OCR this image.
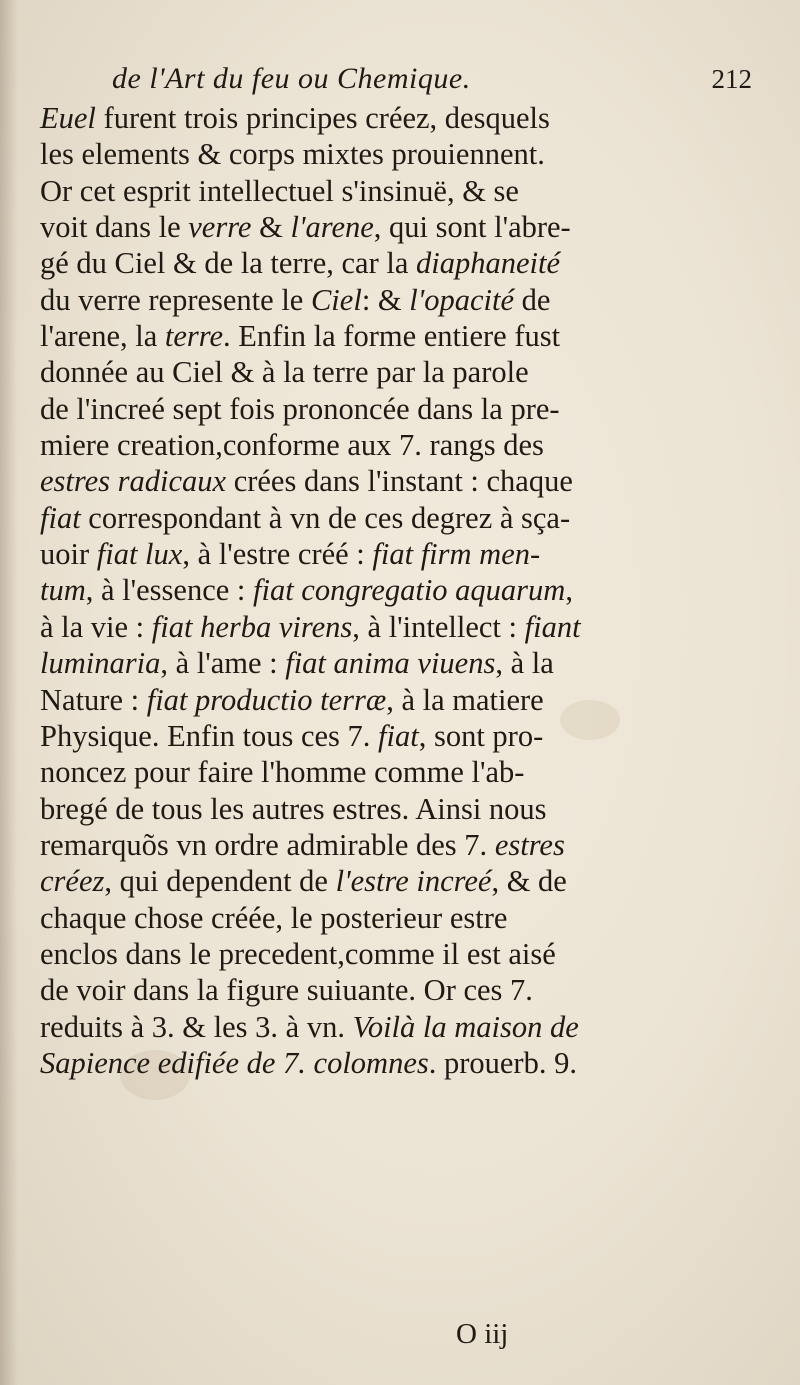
de l'Art du feu ou Chemique.	212
Euel furent trois principes créez, desquels
les elements & corps mixtes prouiennent.
Or cet esprit intellectuel s'insinuë, & se
voit dans le verre & l'arene, qui sont l'abre-
gé du Ciel & de la terre, car la diaphaneité
du verre represente le Ciel: & l'opacité de
l'arene, la terre. Enfin la forme entiere fust
donnée au Ciel & à la terre par la parole
de l'increé sept fois prononcée dans la pre-
miere creation,conforme aux 7. rangs des
estres radicaux crées dans l'instant : chaque
fiat correspondant à vn de ces degrez à sça-
uoir fiat lux, à l'estre créé : fiat firm men-
tum, à l'essence : fiat congregatio aquarum,
à la vie : fiat herba virens, à l'intellect : fiant
luminaria, à l'ame : fiat anima viuens, à la
Nature : fiat productio terræ, à la matiere
Physique. Enfin tous ces 7. fiat, sont pro-
noncez pour faire l'homme comme l'ab-
bregé de tous les autres estres. Ainsi nous
remarquõs vn ordre admirable des 7. estres
créez, qui dependent de l'estre increé, & de
chaque chose créée, le posterieur estre
enclos dans le precedent,comme il est aisé
de voir dans la figure suiuante. Or ces 7.
reduits à 3. & les 3. à vn. Voilà la maison de
Sapience edifiée de 7. colomnes. prouerb. 9.
O iij
